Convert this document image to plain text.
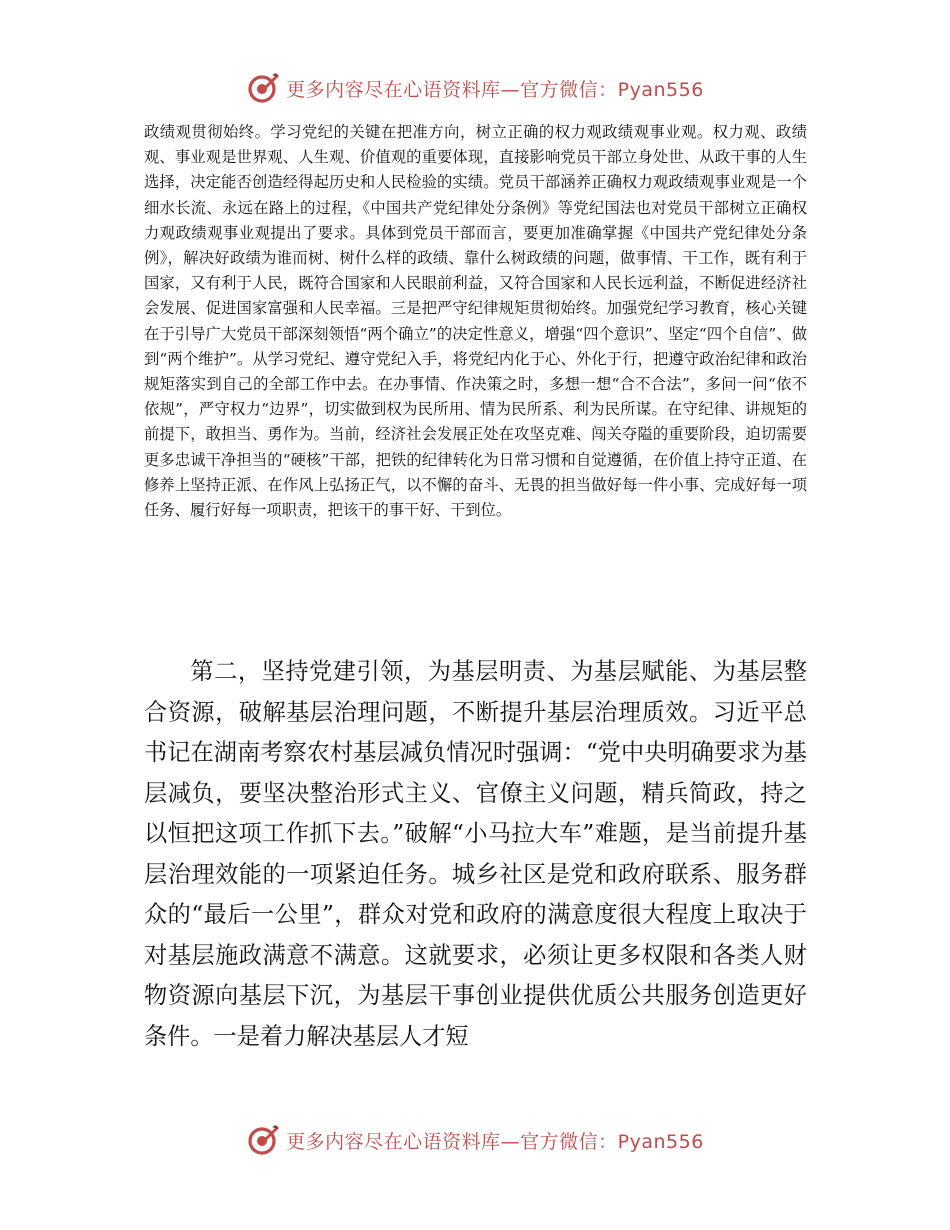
更多内容尽在心语资料库—官方微信：Pyan556

政绩观贯彻始终。学习党纪的关键在把准方向，树立正确的权力观政绩观事业观。权力观、政绩观、事业观是世界观、人生观、价值观的重要体现，直接影响党员干部立身处世、从政干事的人生选择，决定能否创造经得起历史和人民检验的实绩。党员干部涵养正确权力观政绩观事业观是一个细水长流、永远在路上的过程，《中国共产党纪律处分条例》等党纪国法也对党员干部树立正确权力观政绩观事业观提出了要求。具体到党员干部而言，要更加准确掌握《中国共产党纪律处分条例》，解决好政绩为谁而树、树什么样的政绩、靠什么树政绩的问题，做事情、干工作，既有利于国家，又有利于人民，既符合国家和人民眼前利益，又符合国家和人民长远利益，不断促进经济社会发展、促进国家富强和人民幸福。三是把严守纪律规矩贯彻始终。加强党纪学习教育，核心关键在于引导广大党员干部深刻领悟“两个确立”的决定性意义，增强“四个意识”、坚定“四个自信”、做到“两个维护”。从学习党纪、遵守党纪入手，将党纪内化于心、外化于行，把遵守政治纪律和政治规矩落实到自己的全部工作中去。在办事情、作决策之时，多想一想“合不合法”，多问一问“依不依规”，严守权力“边界”，切实做到权为民所用、情为民所系、利为民所谋。在守纪律、讲规矩的前提下，敢担当、勇作为。当前，经济社会发展正处在攻坚克难、闯关夺隘的重要阶段，迫切需要更多忠诚干净担当的“硬核”干部，把铁的纪律转化为日常习惯和自觉遵循，在价值上持守正道、在修养上坚持正派、在作风上弘扬正气，以不懈的奋斗、无畏的担当做好每一件小事、完成好每一项任务、履行好每一项职责，把该干的事干好、干到位。

第二，坚持党建引领，为基层明责、为基层赋能、为基层整合资源，破解基层治理问题，不断提升基层治理质效。习近平总书记在湖南考察农村基层减负情况时强调：“党中央明确要求为基层减负，要坚决整治形式主义、官僚主义问题，精兵简政，持之以恒把这项工作抓下去。”破解“小马拉大车”难题，是当前提升基层治理效能的一项紧迫任务。城乡社区是党和政府联系、服务群众的“最后一公里”，群众对党和政府的满意度很大程度上取决于对基层施政满意不满意。这就要求，必须让更多权限和各类人财物资源向基层下沉，为基层干事创业提供优质公共服务创造更好条件。一是着力解决基层人才短

更多内容尽在心语资料库—官方微信：Pyan556
